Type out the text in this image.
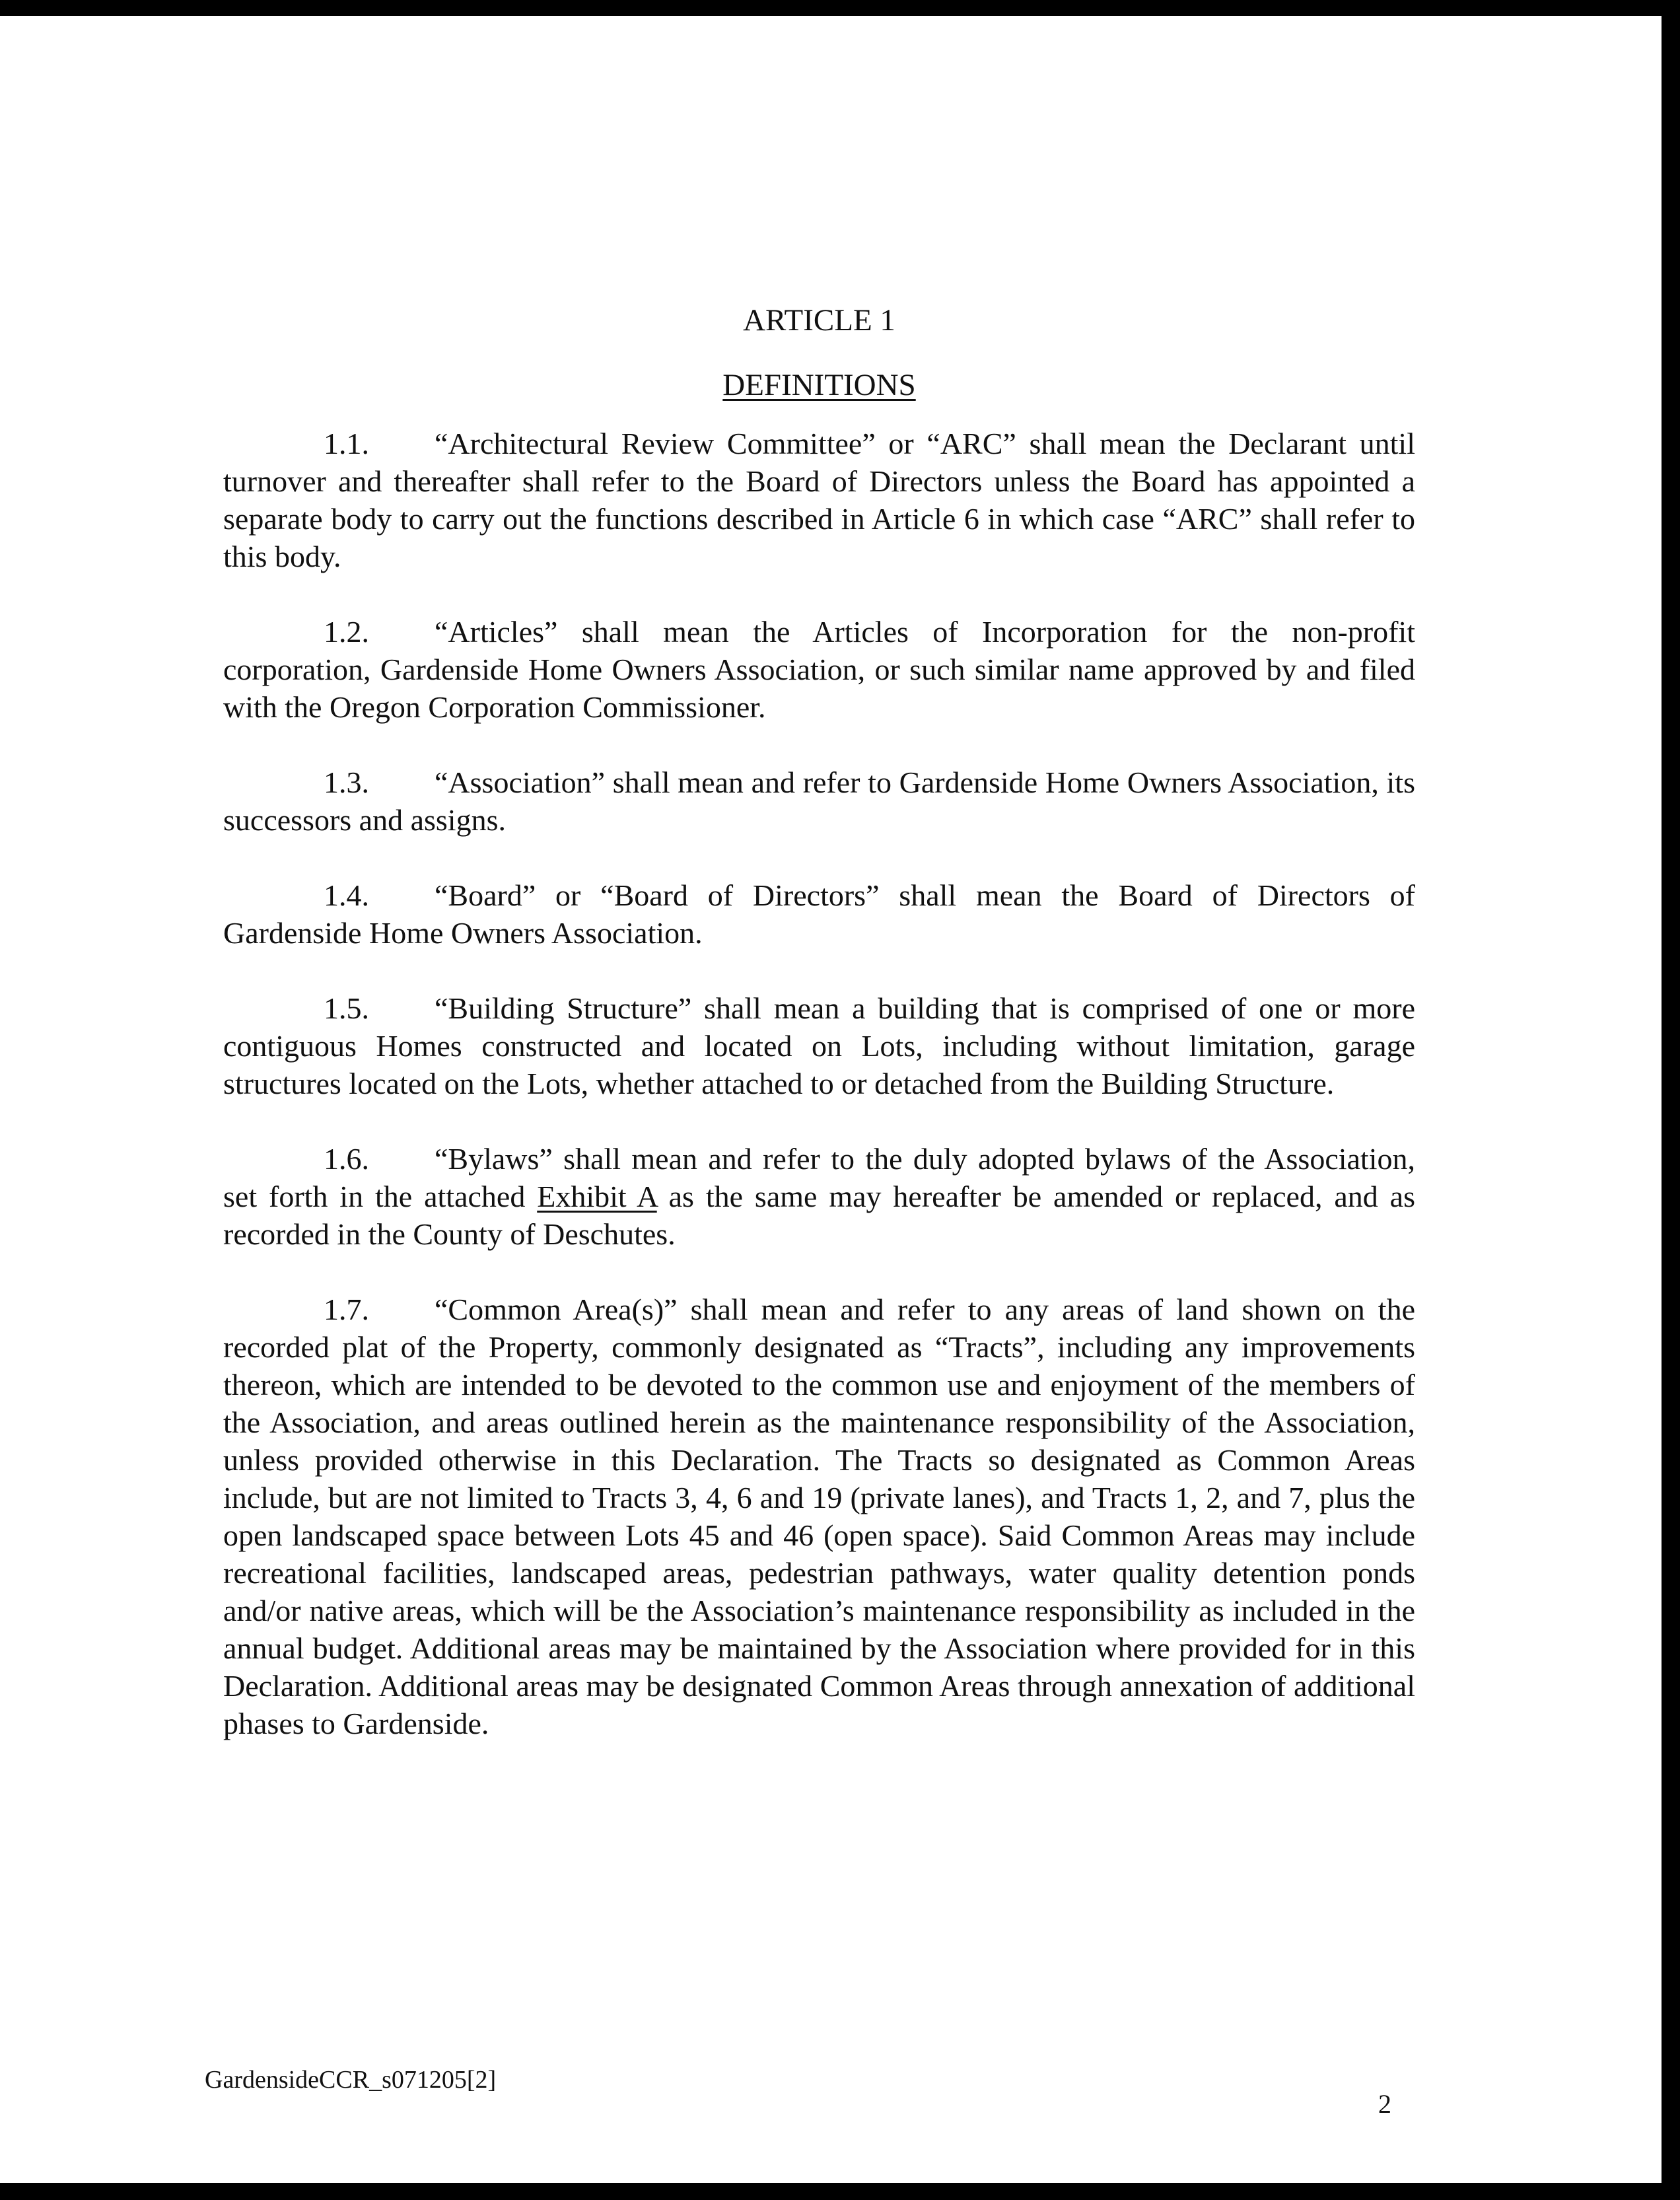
ARTICLE 1
DEFINITIONS

1.1. “Architectural Review Committee” or “ARC” shall mean the Declarant until turnover and thereafter shall refer to the Board of Directors unless the Board has appointed a separate body to carry out the functions described in Article 6 in which case “ARC” shall refer to this body.

1.2. “Articles” shall mean the Articles of Incorporation for the non-profit corporation, Gardenside Home Owners Association, or such similar name approved by and filed with the Oregon Corporation Commissioner.

1.3. “Association” shall mean and refer to Gardenside Home Owners Association, its successors and assigns.

1.4. “Board” or “Board of Directors” shall mean the Board of Directors of Gardenside Home Owners Association.

1.5. “Building Structure” shall mean a building that is comprised of one or more contiguous Homes constructed and located on Lots, including without limitation, garage structures located on the Lots, whether attached to or detached from the Building Structure.

1.6. “Bylaws” shall mean and refer to the duly adopted bylaws of the Association, set forth in the attached Exhibit A as the same may hereafter be amended or replaced, and as recorded in the County of Deschutes.

1.7. “Common Area(s)” shall mean and refer to any areas of land shown on the recorded plat of the Property, commonly designated as “Tracts”, including any improvements thereon, which are intended to be devoted to the common use and enjoyment of the members of the Association, and areas outlined herein as the maintenance responsibility of the Association, unless provided otherwise in this Declaration. The Tracts so designated as Common Areas include, but are not limited to Tracts 3, 4, 6 and 19 (private lanes), and Tracts 1, 2, and 7, plus the open landscaped space between Lots 45 and 46 (open space). Said Common Areas may include recreational facilities, landscaped areas, pedestrian pathways, water quality detention ponds and/or native areas, which will be the Association’s maintenance responsibility as included in the annual budget. Additional areas may be maintained by the Association where provided for in this Declaration. Additional areas may be designated Common Areas through annexation of additional phases to Gardenside.

GardensideCCR_s071205[2]
2
